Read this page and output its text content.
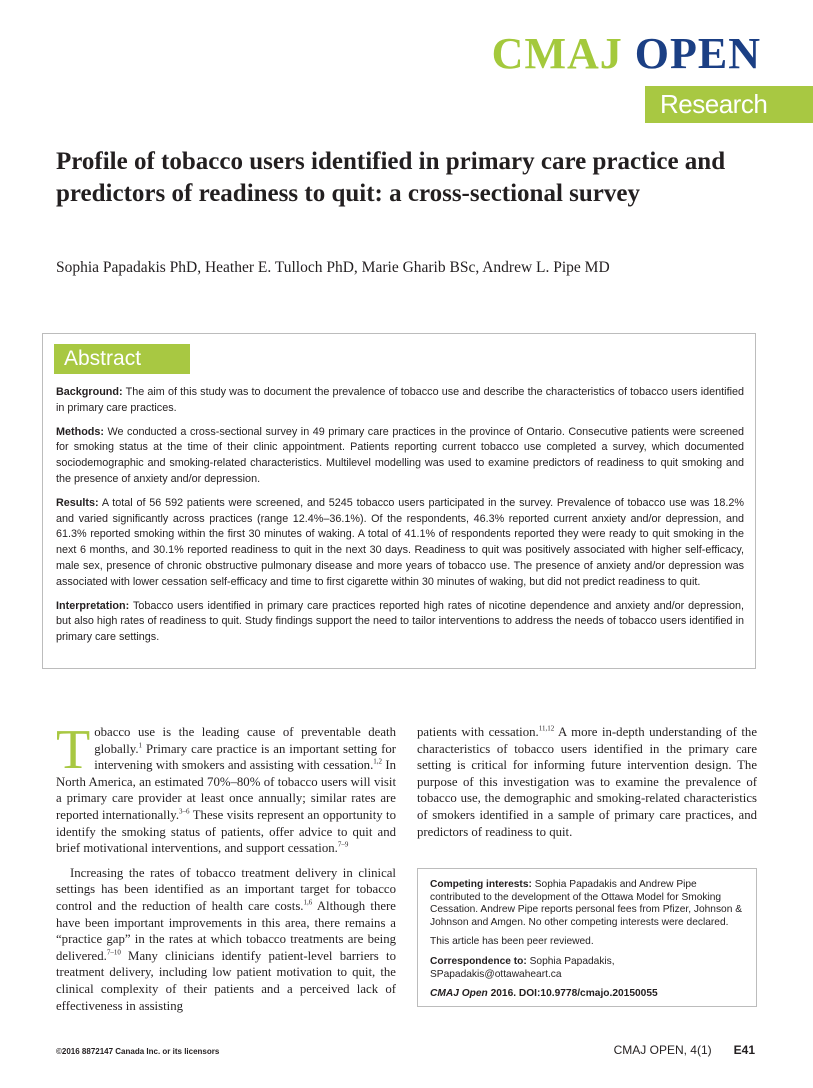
CMAJ OPEN
Research
Profile of tobacco users identified in primary care practice and predictors of readiness to quit: a cross-sectional survey

Sophia Papadakis PhD, Heather E. Tulloch PhD, Marie Gharib BSc, Andrew L. Pipe MD

Abstract

Background: The aim of this study was to document the prevalence of tobacco use and describe the characteristics of tobacco users identified in primary care practices.

Methods: We conducted a cross-sectional survey in 49 primary care practices in the province of Ontario. Consecutive patients were screened for smoking status at the time of their clinic appointment. Patients reporting current tobacco use completed a survey, which documented sociodemographic and smoking-related characteristics. Multilevel modelling was used to examine predictors of readiness to quit smoking and the presence of anxiety and/or depression.

Results: A total of 56 592 patients were screened, and 5245 tobacco users participated in the survey. Prevalence of tobacco use was 18.2% and varied significantly across practices (range 12.4%–36.1%). Of the respondents, 46.3% reported current anxiety and/or depression, and 61.3% reported smoking within the first 30 minutes of waking. A total of 41.1% of respondents reported they were ready to quit smoking in the next 6 months, and 30.1% reported readiness to quit in the next 30 days. Readiness to quit was positively associated with higher self-efficacy, male sex, presence of chronic obstructive pulmonary disease and more years of tobacco use. The presence of anxiety and/or depression was associated with lower cessation self-efficacy and time to first cigarette within 30 minutes of waking, but did not predict readiness to quit.

Interpretation: Tobacco users identified in primary care practices reported high rates of nicotine dependence and anxiety and/or depression, but also high rates of readiness to quit. Study findings support the need to tailor interventions to address the needs of tobacco users identified in primary care settings.

Tobacco use is the leading cause of preventable death globally.$^1$ Primary care practice is an important setting for intervening with smokers and assisting with cessation.$^{1,2}$ In North America, an estimated 70%–80% of tobacco users will visit a primary care provider at least once annually; similar rates are reported internationally.$^{3-6}$ These visits represent an opportunity to identify the smoking status of patients, offer advice to quit and brief motivational interventions, and support cessation.$^{7-9}$

Increasing the rates of tobacco treatment delivery in clinical settings has been identified as an important target for tobacco control and the reduction of health care costs.$^{1,6}$ Although there have been important improvements in this area, there remains a “practice gap” in the rates at which tobacco treatments are being delivered.$^{7-10}$ Many clinicians identify patient-level barriers to treatment delivery, including low patient motivation to quit, the clinical complexity of their patients and a perceived lack of effectiveness in assisting

patients with cessation.$^{11,12}$ A more in-depth understanding of the characteristics of tobacco users identified in the primary care setting is critical for informing future intervention design. The purpose of this investigation was to examine the prevalence of tobacco use, the demographic and smoking-related characteristics of smokers identified in a sample of primary care practices, and predictors of readiness to quit.

Competing interests: Sophia Papadakis and Andrew Pipe contributed to the development of the Ottawa Model for Smoking Cessation. Andrew Pipe reports personal fees from Pfizer, Johnson & Johnson and Amgen. No other competing interests were declared.

This article has been peer reviewed.

Correspondence to: Sophia Papadakis, SPapadakis@ottawaheart.ca

CMAJ Open 2016. DOI:10.9778/cmajo.20150055

©2016 8872147 Canada Inc. or its licensors	CMAJ OPEN, 4(1) E41
